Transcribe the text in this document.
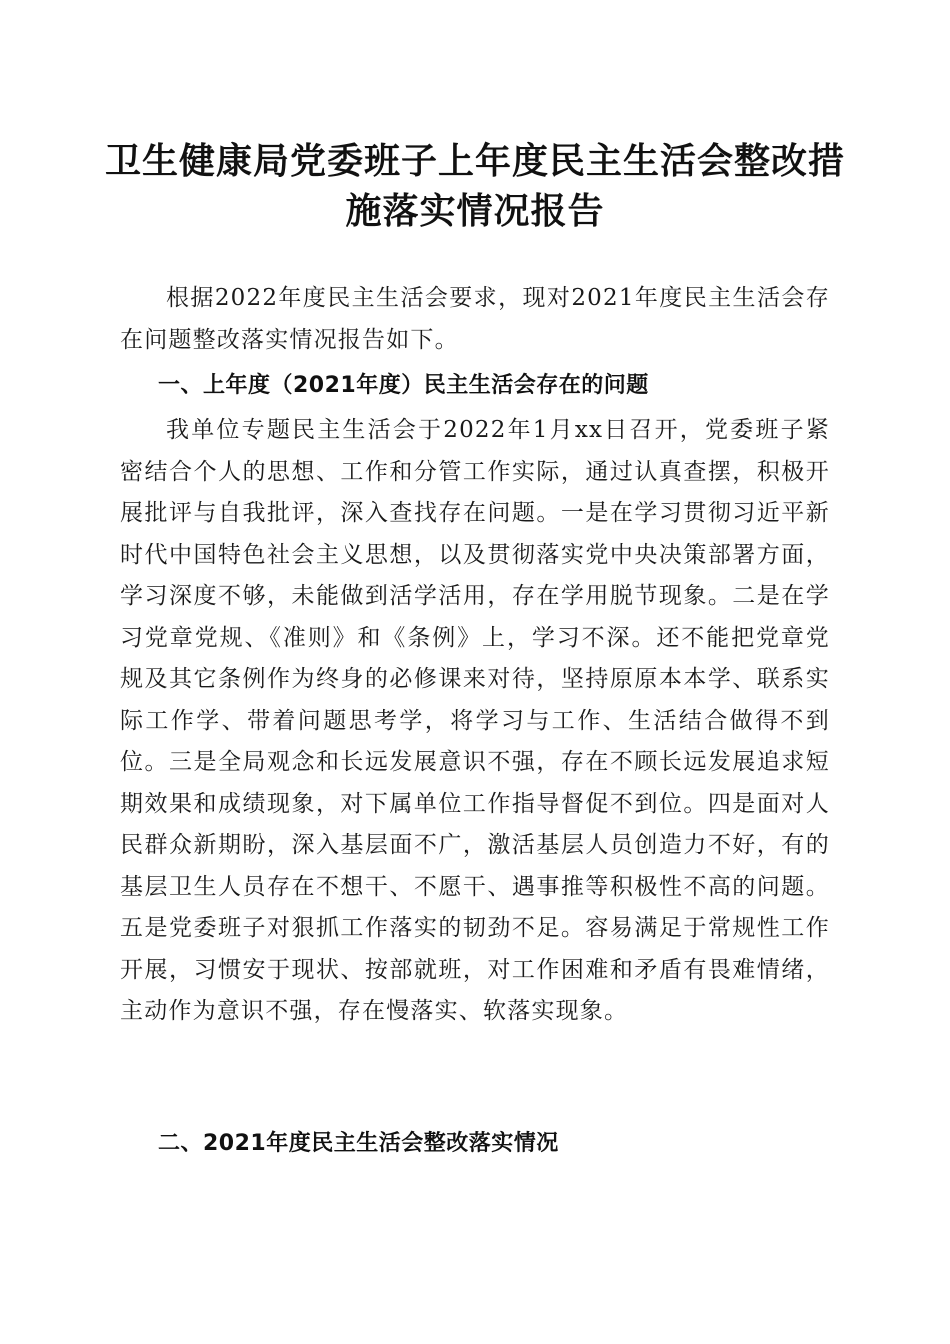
卫生健康局党委班子上年度民主生活会整改措施落实情况报告

根据2022年度民主生活会要求，现对2021年度民主生活会存在问题整改落实情况报告如下。

一、上年度（2021年度）民主生活会存在的问题

我单位专题民主生活会于2022年1月xx日召开，党委班子紧密结合个人的思想、工作和分管工作实际，通过认真查摆，积极开展批评与自我批评，深入查找存在问题。一是在学习贯彻习近平新时代中国特色社会主义思想，以及贯彻落实党中央决策部署方面，学习深度不够，未能做到活学活用，存在学用脱节现象。二是在学习党章党规、《准则》和《条例》上，学习不深。还不能把党章党规及其它条例作为终身的必修课来对待，坚持原原本本学、联系实际工作学、带着问题思考学，将学习与工作、生活结合做得不到位。三是全局观念和长远发展意识不强，存在不顾长远发展追求短期效果和成绩现象，对下属单位工作指导督促不到位。四是面对人民群众新期盼，深入基层面不广，激活基层人员创造力不好，有的基层卫生人员存在不想干、不愿干、遇事推等积极性不高的问题。五是党委班子对狠抓工作落实的韧劲不足。容易满足于常规性工作开展，习惯安于现状、按部就班，对工作困难和矛盾有畏难情绪，主动作为意识不强，存在慢落实、软落实现象。

二、2021年度民主生活会整改落实情况
